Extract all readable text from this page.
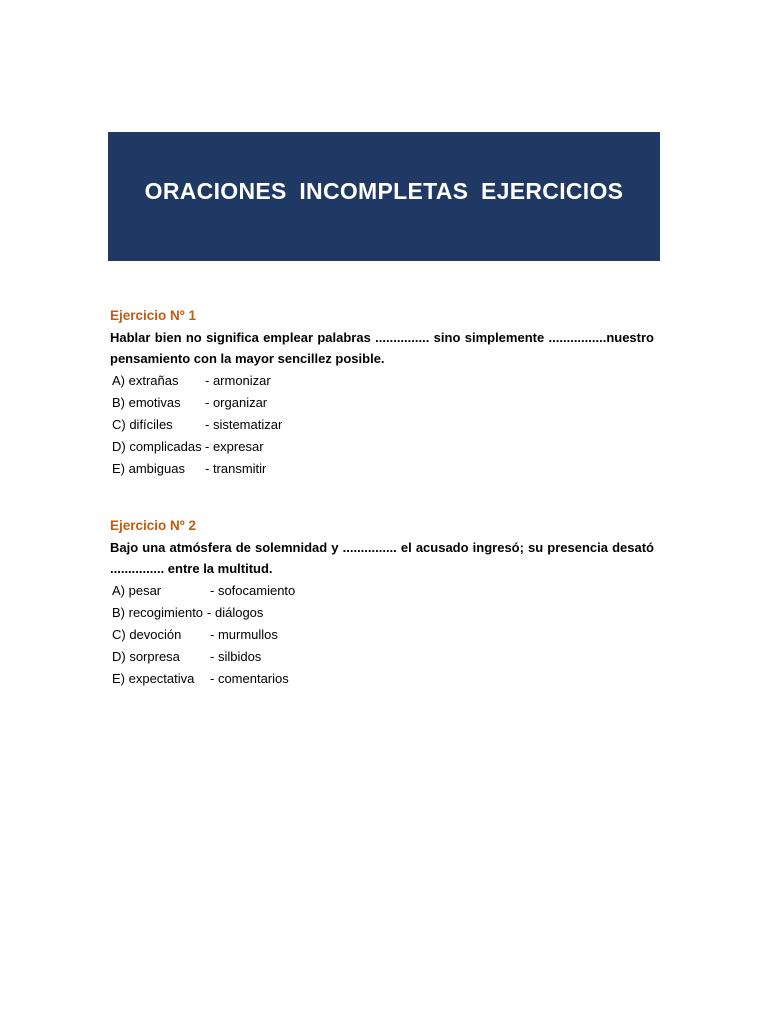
ORACIONES INCOMPLETAS EJERCICIOS

Ejercicio Nº 1

Hablar bien no significa emplear palabras ............... sino simplemente ................nuestro pensamiento con la mayor sencillez posible.

A) extrañas	- armonizar
B) emotivas	- organizar
C) difíciles	- sistematizar
D) complicadas - expresar
E) ambiguas	- transmitir

Ejercicio Nº 2

Bajo una atmósfera de solemnidad y ............... el acusado ingresó; su presencia desató ............... entre la multitud.

A) pesar	- sofocamiento
B) recogimiento - diálogos
C) devoción	- murmullos
D) sorpresa	- silbidos
E) expectativa	- comentarios
